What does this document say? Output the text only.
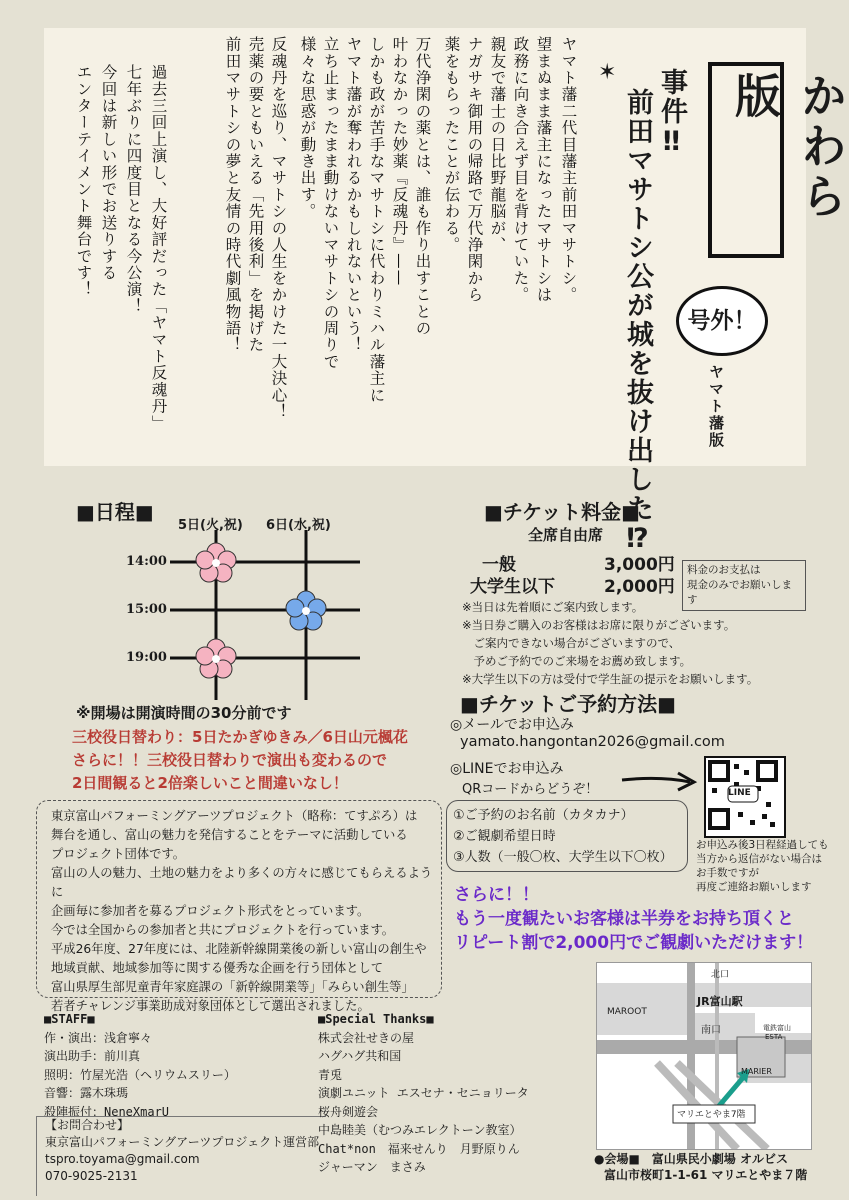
かわら版
事件‼
前田マサトシ公が城を抜け出した⁉	号外！
ヤマト藩版
✶
ヤマト藩二代目藩主前田マサトシ。
望まぬまま藩主になったマサトシは
政務に向き合えず目を背けていた。
親友で藩士の日比野龍脳が、
ナガサキ御用の帰路で万代浄閑から
薬をもらったことが伝わる。
万代浄閑の薬とは、誰も作り出すことの
叶わなかった妙薬『反魂丹』——
しかも政が苦手なマサトシに代わりミハル藩主に
ヤマト藩が奪われるかもしれないという！
立ち止まったまま動けないマサトシの周りで
様々な思惑が動き出す。
反魂丹を巡り、マサトシの人生をかけた一大決心！
売薬の要ともいえる「先用後利」を掲げた
前田マサトシの夢と友情の時代劇風物語！
過去三回上演し、大好評だった「ヤマト反魂丹」
七年ぶりに四度目となる今公演！
今回は新しい形でお送りする
エンターテイメント舞台です！
■日程■
5日(火,祝) 6日(水,祝)
14:00
15:00
19:00
※開場は開演時間の30分前です
三校役日替わり：5日たかぎゆきみ／6日山元楓花
さらに！！三校役日替わりで演出も変わるので
2日間観ると2倍楽しいこと間違いなし！
■チケット料金■
全席自由席
一般	3,000円
大学生以下	2,000円
料金のお支払は
現金のみでお願いします
※当日は先着順にご案内致します。
※当日券ご購入のお客様はお席に限りがございます。
　ご案内できない場合がございますので、
　予めご予約でのご来場をお薦め致します。
※大学生以下の方は受付で学生証の提示をお願いします。
■チケットご予約方法■
◎メールでお申込み
yamato.hangontan2026@gmail.com
◎LINEでお申込み
QRコードからどうぞ！	LINE
①ご予約のお名前（カタカナ）
②ご観劇希望日時
③人数（一般〇枚、大学生以下〇枚）
お申込み後3日程経過しても
当方から返信がない場合は
お手数ですが
再度ご連絡お願いします
さらに！！
もう一度観たいお客様は半券をお持ち頂くと
リピート割で2,000円でご観劇いただけます！
東京富山パフォーミングアーツプロジェクト（略称：てすぷろ）は
舞台を通し、富山の魅力を発信することをテーマに活動している
プロジェクト団体です。
富山の人の魅力、土地の魅力をより多くの方々に感じてもらえるように
企画毎に参加者を募るプロジェクト形式をとっています。
今では全国からの参加者と共にプロジェクトを行っています。
平成26年度、27年度には、北陸新幹線開業後の新しい富山の創生や
地域貢献、地域参加等に関する優秀な企画を行う団体として
富山県厚生部児童青年家庭課の「新幹線開業等」「みらい創生等」
若者チャレンジ事業助成対象団体として選出されました。
■STAFF■
作・演出：浅倉寧々
演出助手：前川真
照明：竹屋光浩（ヘリウムスリー）
音響：露木珠瑪
殺陣振付：NeneXmarU
【お問合わせ】
東京富山パフォーミングアーツプロジェクト運営部
tspro.toyama@gmail.com
070-9025-2131
■Special Thanks■
株式会社せきの屋
ハグハグ共和国
青兎
演劇ユニット エスセナ・セニョリータ
桜舟剣遊会
中島睦美（むつみエレクトーン教室）
Chat*non　福来せんり　月野原りん
ジャーマン　まさみ
北口
JR富山駅
MAROOT
南口	電鉄富山
ESTA
MARIER
マリエとやま7階
●会場■　富山県民小劇場 オルビス
富山市桜町1-1-61 マリエとやま７階
